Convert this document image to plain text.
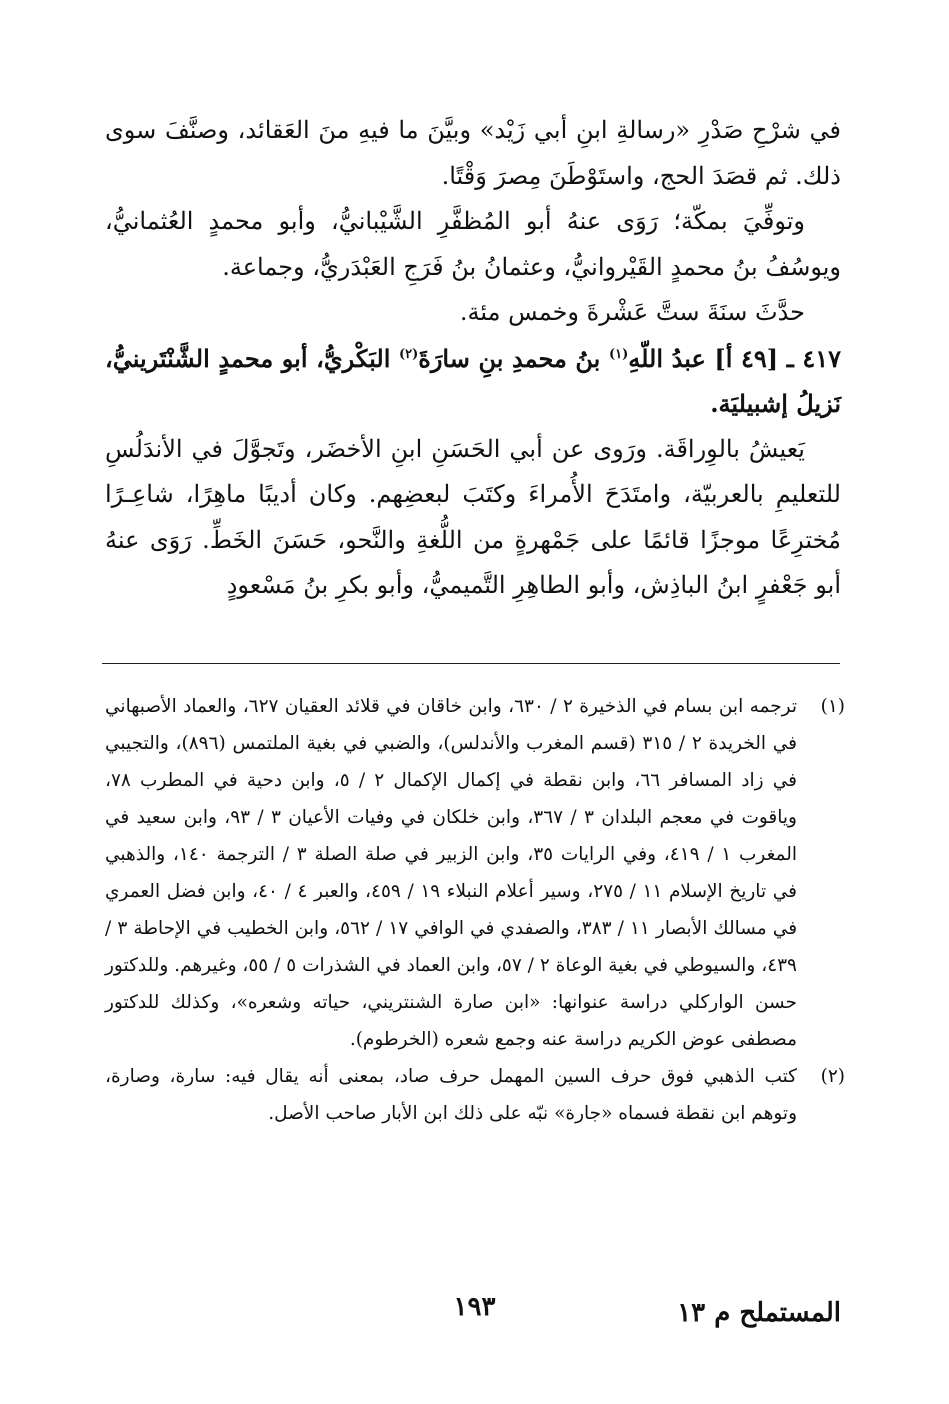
في شرْحِ صَدْرِ «رسالةِ ابنِ أبي زَيْد» وبيَّنَ ما فيهِ منَ العَقائد، وصنَّفَ سوى ذلك. ثم قصَدَ الحج، واستَوْطَنَ مِصرَ وَقْتًا.

وتوفِّيَ بمكّة؛ رَوَى عنهُ أبو المُظفَّرِ الشَّيْبانيُّ، وأبو محمدٍ العُثمانيُّ، ويوسُفُ بنُ محمدٍ القَيْروانيُّ، وعثمانُ بنُ فَرَجِ العَبْدَريُّ، وجماعة.

حدَّثَ سنَةَ ستَّ عَشْرةَ وخمس مئة.

٤١٧ ـ [٤٩ أ] عبدُ اللّهِ$^{(١)}$ بنُ محمدِ بنِ سارَةَ$^{(٢)}$ البَكْريُّ، أبو محمدٍ الشَّنْتَرينيُّ، نَزيلُ إشبيليَة.

يَعيشُ بالوِراقَة. ورَوى عن أبي الحَسَنِ ابنِ الأخضَر، وتَجوَّلَ في الأندَلُسِ للتعليمِ بالعربيّة، وامتَدَحَ الأُمراءَ وكتَبَ لبعضِهم. وكان أديبًا ماهِرًا، شاعِـرًا مُخترِعًا موجزًا قائمًا على جَمْهرةٍ من اللُّغةِ والنَّحو، حَسَنَ الخَطِّ. رَوَى عنهُ أبو جَعْفرٍ ابنُ الباذِش، وأبو الطاهِرِ التَّميميُّ، وأبو بكرِ بنُ مَسْعودٍ

(١)
ترجمه ابن بسام في الذخيرة ٢ / ٦٣٠، وابن خاقان في قلائد العقيان ٦٢٧، والعماد الأصبهاني في الخريدة ٢ / ٣١٥ (قسم المغرب والأندلس)، والضبي في بغية الملتمس (٨٩٦)، والتجيبي في زاد المسافر ٦٦، وابن نقطة في إكمال الإكمال ٢ / ٥، وابن دحية في المطرب ٧٨، وياقوت في معجم البلدان ٣ / ٣٦٧، وابن خلكان في وفيات الأعيان ٣ / ٩٣، وابن سعيد في المغرب ١ / ٤١٩، وفي الرايات ٣٥، وابن الزبير في صلة الصلة ٣ / الترجمة ١٤٠، والذهبي في تاريخ الإسلام ١١ / ٢٧٥، وسير أعلام النبلاء ١٩ / ٤٥٩، والعبر ٤ / ٤٠، وابن فضل العمري في مسالك الأبصار ١١ / ٣٨٣، والصفدي في الوافي ١٧ / ٥٦٢، وابن الخطيب في الإحاطة ٣ / ٤٣٩، والسيوطي في بغية الوعاة ٢ / ٥٧، وابن العماد في الشذرات ٥ / ٥٥، وغيرهم. وللدكتور حسن الواركلي دراسة عنوانها: «ابن صارة الشنتريني، حياته وشعره»، وكذلك للدكتور مصطفى عوض الكريم دراسة عنه وجمع شعره (الخرطوم).
(٢)
كتب الذهبي فوق حرف السين المهمل حرف صاد، بمعنى أنه يقال فيه: سارة، وصارة، وتوهم ابن نقطة فسماه «جارة» نبّه على ذلك ابن الأبار صاحب الأصل.
١٩٣	المستملح م ١٣
